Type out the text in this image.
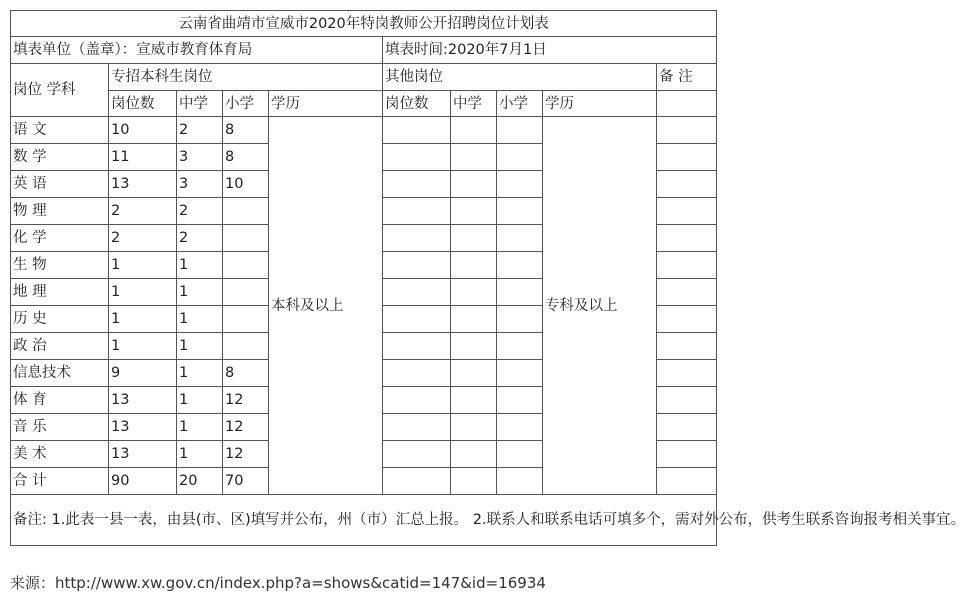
云南省曲靖市宣威市2020年特岗教师公开招聘岗位计划表									
填表单位（盖章）：宣威市教育体育局					填表时间:2020年7月1日				
岗位 学科	专招本科生岗位				其他岗位				备 注
	岗位数	中学	小学	学历	岗位数	中学	小学	学历	
语 文	10	2	8	本科及以上				专科及以上	
数 学	11	3	8						
英 语	13	3	10						
物 理	2	2							
化 学	2	2							
生 物	1	1							
地 理	1	1							
历 史	1	1							
政 治	1	1							
信息技术	9	1	8						
体 育	13	1	12						
音 乐	13	1	12						
美 术	13	1	12						
合 计	90	20	70						
备注: 1.此表一县一表，由县(市、区)填写并公布，州（市）汇总上报。 2.联系人和联系电话可填多个，需对外公布，供考生联系咨询报考相关事宜。									
来源：http://www.xw.gov.cn/index.php?a=shows&catid=147&id=16934
